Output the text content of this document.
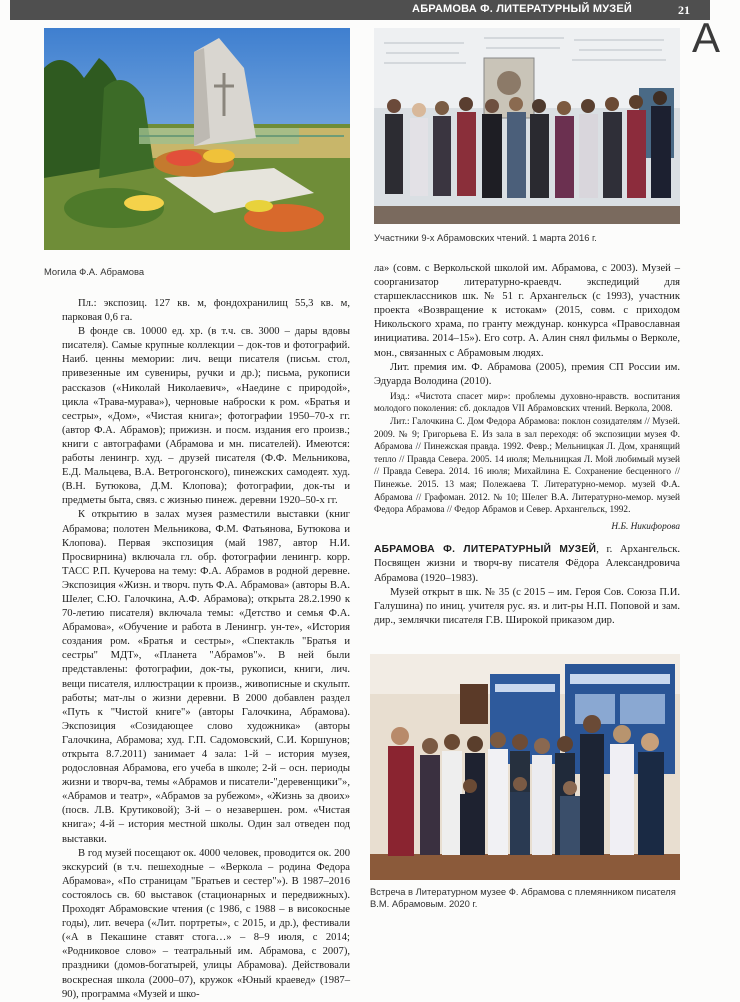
АБРАМОВА Ф. ЛИТЕРАТУРНЫЙ МУЗЕЙ	21
А
Могила Ф.А. Абрамова
Участники 9-х Абрамовских чтений. 1 марта 2016 г.

Пл.: экспозиц. 127 кв. м, фондохранилищ 55,3 кв. м, парковая 0,6 га.

В фонде св. 10000 ед. хр. (в т.ч. св. 3000 – дары вдовы писателя). Самые крупные коллекции – док-тов и фотографий. Наиб. ценны мемории: лич. вещи писателя (письм. стол, привезенные им сувениры, ручки и др.); письма, рукописи рассказов («Николай Николаевич», «Наедине с природой», цикла «Трава-мурава»), черновые наброски к ром. «Братья и сестры», «Дом», «Чистая книга»; фотографии 1950–70-х гг. (автор Ф.А. Абрамов); прижизн. и посм. издания его произв.; книги с автографами (Абрамова и мн. писателей). Имеются: работы ленингр. худ. – друзей писателя (Ф.Ф. Мельникова, Е.Д. Мальцева, В.А. Ветрогонского), пинежских самодеят. худ. (В.Н. Бутюкова, Д.М. Клопова); фотографии, док-ты и предметы быта, связ. с жизнью пинеж. деревни 1920–50-х гг.

К открытию в залах музея разместили выставки (книг Абрамова; полотен Мельникова, Ф.М. Фатьянова, Бутюкова и Клопова). Первая экспозиция (май 1987, автор Н.И. Просвирнина) включала гл. обр. фотографии ленингр. корр. ТАСС Р.П. Кучерова на тему: Ф.А. Абрамов в родной деревне. Экспозиция «Жизн. и творч. путь Ф.А. Абрамова» (авторы В.А. Шелег, С.Ю. Галочкина, А.Ф. Абрамова); открыта 28.2.1990 к 70-летию писателя) включала темы: «Детство и семья Ф.А. Абрамова», «Обучение и работа в Ленингр. ун-те», «История создания ром. «Братья и сестры», «Спектакль "Братья и сестры" МДТ», «Планета "Абрамов"». В ней были представлены: фотографии, док-ты, рукописи, книги, лич. вещи писателя, иллюстрации к произв., живописные и скульпт. работы; мат-лы о жизни деревни. В 2000 добавлен раздел «Путь к "Чистой книге"» (авторы Галочкина, Абрамова). Экспозиция «Созидающее слово художника» (авторы Галочкина, Абрамова; худ. Г.П. Садомовский, С.И. Коршунов; открыта 8.7.2011) занимает 4 зала: 1-й – история музея, родословная Абрамова, его учеба в школе; 2-й – осн. периоды жизни и творч-ва, темы «Абрамов и писатели-"деревенщики"», «Абрамов и театр», «Абрамов за рубежом», «Жизнь за двоих» (посв. Л.В. Крутиковой); 3-й – о незавершен. ром. «Чистая книга»; 4-й – история местной школы. Один зал отведен под выставки.

В год музей посещают ок. 4000 человек, проводится ок. 200 экскурсий (в т.ч. пешеходные – «Веркола – родина Федора Абрамова», «По страницам "Братьев и сестер"»). В 1987–2016 состоялось св. 60 выставок (стационарных и передвижных). Проходят Абрамовские чтения (с 1986, с 1988 – в високосные годы), лит. вечера («Лит. портреты», с 2015, и др.), фестивали («А в Пекашине ставят стога…» – 8–9 июля, с 2014; «Родниковое слово» – театральный им. Абрамова, с 2007), праздники (домов-богатырей, улицы Абрамова). Действовали воскресная школа (2000–07), кружок «Юный краевед» (1987–90), программа «Музей и шко-

ла» (совм. с Веркольской школой им. Абрамова, с 2003). Музей – соорганизатор литературно-краевдч. экспедиций для старшеклассников шк. № 51 г. Архангельск (с 1993), участник проекта «Возвращение к истокам» (2015, совм. с приходом Никольского храма, по гранту междунар. конкурса «Православная инициатива. 2014–15»). Его сотр. А. Алин снял фильмы о Верколе, мон., связанных с Абрамовым людях.

Лит. премия им. Ф. Абрамова (2005), премия СП России им. Эдуарда Володина (2010).

Изд.: «Чистота спасет мир»: проблемы духовно-нравств. воспитания молодого поколения: сб. докладов VII Абрамовских чтений. Веркола, 2008.

Лит.: Галочкина С. Дом Федора Абрамова: поклон созидателям // Музей. 2009. № 9; Григорьева Е. Из зала в зал переходя: об экспозиции музея Ф. Абрамова // Пинежская правда. 1992. Февр.; Мельницкая Л. Дом, хранящий тепло // Правда Севера. 2005. 14 июля; Мельницкая Л. Мой любимый музей // Правда Севера. 2014. 16 июля; Михайлина Е. Сохранение бесценного // Пинежье. 2015. 13 мая; Полежаева Т. Литературно-мемор. музей Ф.А. Абрамова // Графоман. 2012. № 10; Шелег В.А. Литературно-мемор. музей Федора Абрамова // Федор Абрамов и Север. Архангельск, 1992.

Н.Б. Никифорова

АБРАМОВА Ф. ЛИТЕРАТУРНЫЙ МУЗЕЙ, г. Архангельск. Посвящен жизни и творч-ву писателя Фёдора Александровича Абрамова (1920–1983).

Музей открыт в шк. № 35 (с 2015 – им. Героя Сов. Союза П.И. Галушина) по иниц. учителя рус. яз. и лит-ры Н.П. Поповой и зам. дир., землячки писателя Г.В. Широкой приказом дир.

Встреча в Литературном музее Ф. Абрамова с племянником писателя В.М. Абрамовым. 2020 г.
